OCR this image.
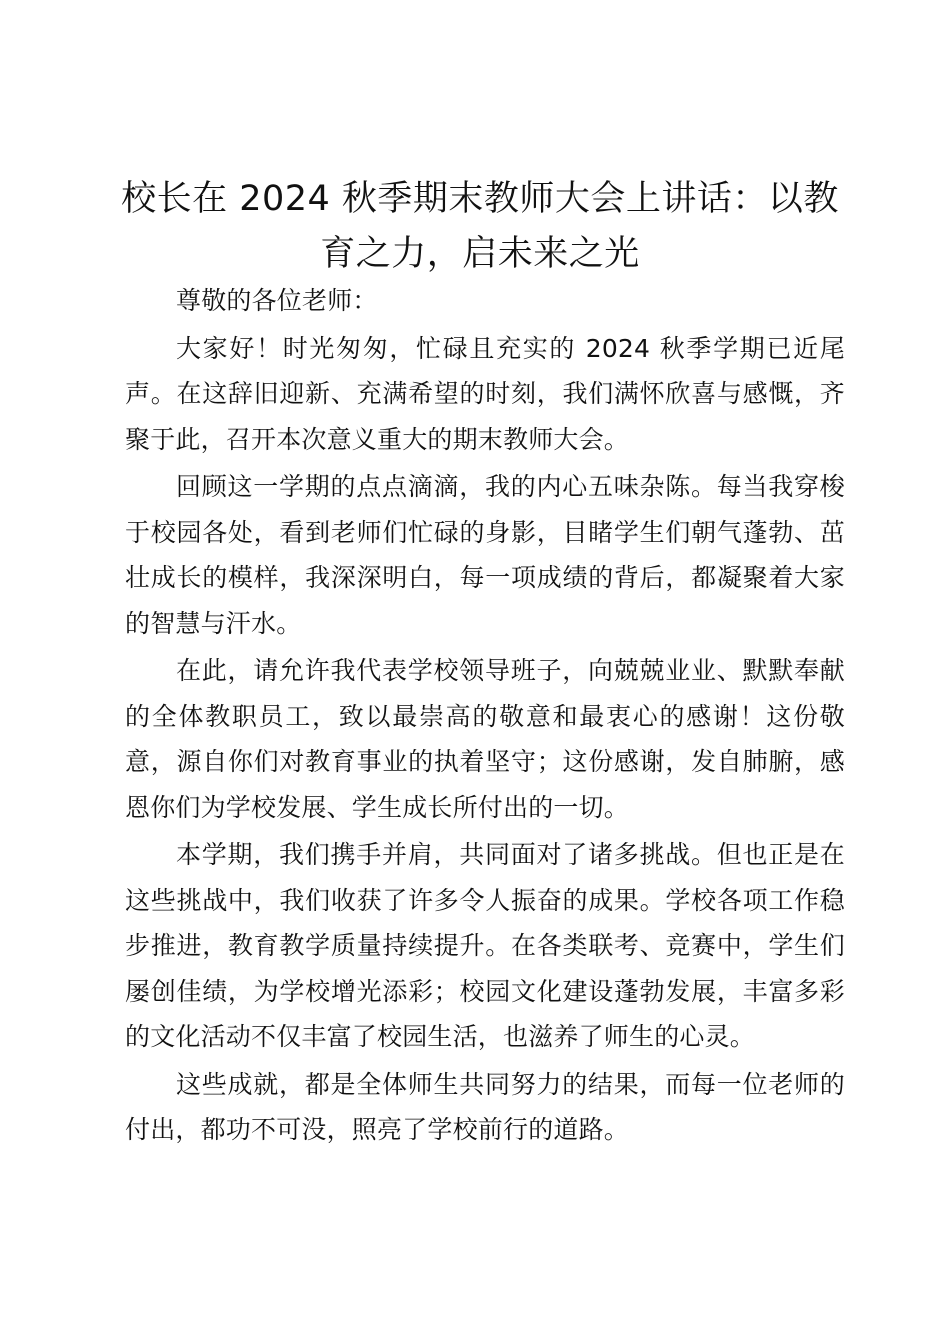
校长在 2024 秋季期末教师大会上讲话：以教育之力，启未来之光

尊敬的各位老师：

大家好！时光匆匆，忙碌且充实的 2024 秋季学期已近尾声。在这辞旧迎新、充满希望的时刻，我们满怀欣喜与感慨，齐聚于此，召开本次意义重大的期末教师大会。

回顾这一学期的点点滴滴，我的内心五味杂陈。每当我穿梭于校园各处，看到老师们忙碌的身影，目睹学生们朝气蓬勃、茁壮成长的模样，我深深明白，每一项成绩的背后，都凝聚着大家的智慧与汗水。

在此，请允许我代表学校领导班子，向兢兢业业、默默奉献的全体教职员工，致以最崇高的敬意和最衷心的感谢！这份敬意，源自你们对教育事业的执着坚守；这份感谢，发自肺腑，感恩你们为学校发展、学生成长所付出的一切。

本学期，我们携手并肩，共同面对了诸多挑战。但也正是在这些挑战中，我们收获了许多令人振奋的成果。学校各项工作稳步推进，教育教学质量持续提升。在各类联考、竞赛中，学生们屡创佳绩，为学校增光添彩；校园文化建设蓬勃发展，丰富多彩的文化活动不仅丰富了校园生活，也滋养了师生的心灵。

这些成就，都是全体师生共同努力的结果，而每一位老师的付出，都功不可没，照亮了学校前行的道路。
